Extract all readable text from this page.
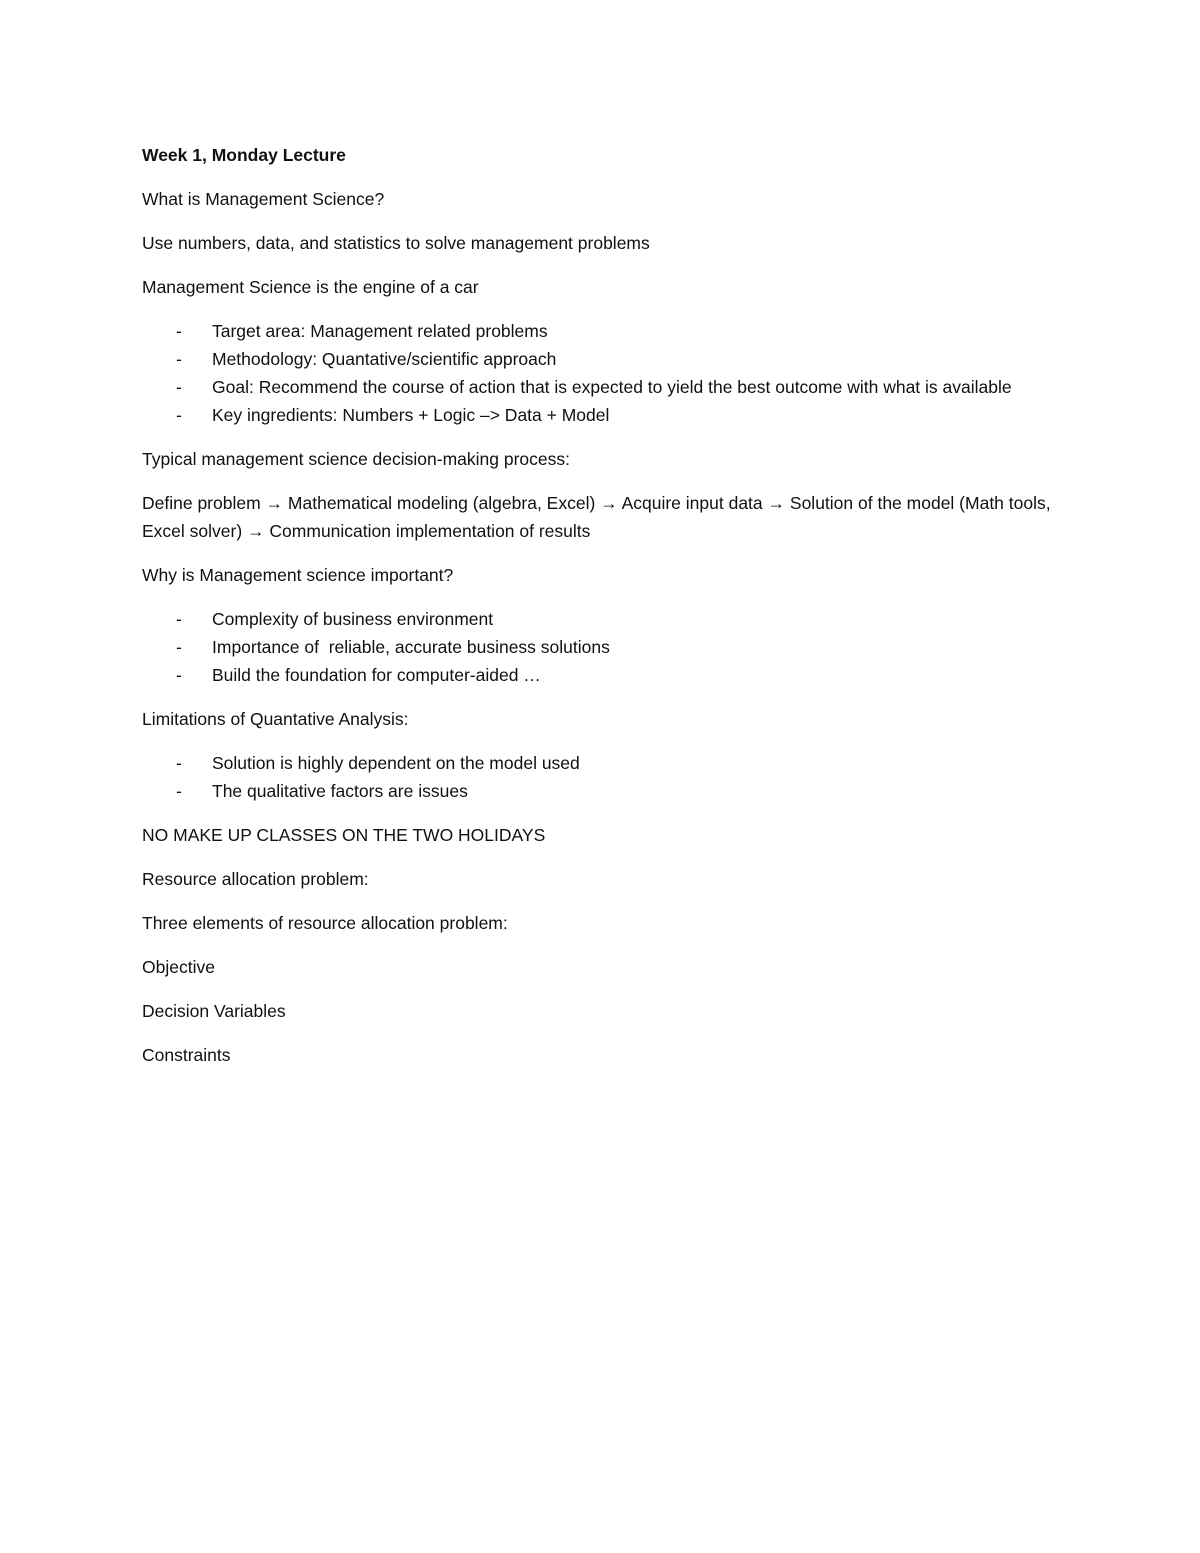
Week 1, Monday Lecture

What is Management Science?

Use numbers, data, and statistics to solve management problems

Management Science is the engine of a car

- Target area: Management related problems
- Methodology: Quantative/scientific approach
- Goal: Recommend the course of action that is expected to yield the best outcome with what is available
- Key ingredients: Numbers + Logic –> Data + Model

Typical management science decision-making process:

Define problem → Mathematical modeling (algebra, Excel) → Acquire input data → Solution of the model (Math tools, Excel solver) → Communication implementation of results

Why is Management science important?

- Complexity of business environment
- Importance of  reliable, accurate business solutions
- Build the foundation for computer-aided …

Limitations of Quantative Analysis:

- Solution is highly dependent on the model used
- The qualitative factors are issues

NO MAKE UP CLASSES ON THE TWO HOLIDAYS

Resource allocation problem:

Three elements of resource allocation problem:

Objective

Decision Variables

Constraints
